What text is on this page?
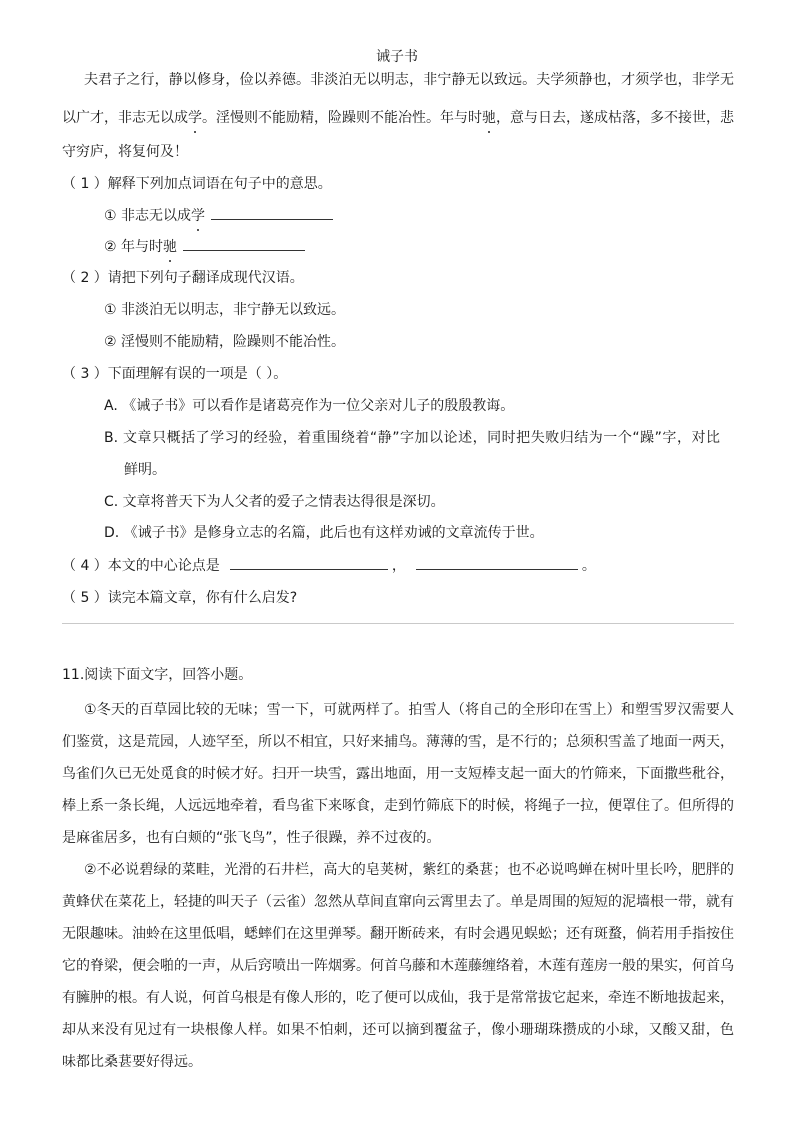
诫子书
夫君子之行，静以修身，俭以养德。非淡泊无以明志，非宁静无以致远。夫学须静也，才须学也，非学无
以广才，非志无以成学。淫慢则不能励精，险躁则不能冶性。年与时驰，意与日去，遂成枯落，多不接世，悲
守穷庐，将复何及！
（ 1 ）解释下列加点词语在句子中的意思。
① 非志无以成学
② 年与时驰
（ 2 ）请把下列句子翻译成现代汉语。
① 非淡泊无以明志，非宁静无以致远。
② 淫慢则不能励精，险躁则不能冶性。
（ 3 ）下面理解有误的一项是（ ）。
A. 《诫子书》可以看作是诸葛亮作为一位父亲对儿子的殷殷教诲。
B. 文章只概括了学习的经验，着重围绕着“静”字加以论述，同时把失败归结为一个“躁”字，对比
鲜明。
C. 文章将普天下为人父者的爱子之情表达得很是深切。
D. 《诫子书》是修身立志的名篇，此后也有这样劝诫的文章流传于世。
（ 4 ）本文的中心论点是	，	。
（ 5 ）读完本篇文章，你有什么启发?
11.阅读下面文字，回答小题。
①冬天的百草园比较的无味；雪一下，可就两样了。拍雪人（将自己的全形印在雪上）和塑雪罗汉需要人
们鉴赏，这是荒园，人迹罕至，所以不相宜，只好来捕鸟。薄薄的雪，是不行的；总须积雪盖了地面一两天，
鸟雀们久已无处觅食的时候才好。扫开一块雪，露出地面，用一支短棒支起一面大的竹筛来，下面撒些秕谷，
棒上系一条长绳，人远远地牵着，看鸟雀下来啄食，走到竹筛底下的时候，将绳子一拉，便罩住了。但所得的
是麻雀居多，也有白颊的“张飞鸟”，性子很躁，养不过夜的。
②不必说碧绿的菜畦，光滑的石井栏，高大的皂荚树，紫红的桑葚；也不必说鸣蝉在树叶里长吟，肥胖的
黄蜂伏在菜花上，轻捷的叫天子（云雀）忽然从草间直窜向云霄里去了。单是周围的短短的泥墙根一带，就有
无限趣味。油蛉在这里低唱，蟋蟀们在这里弹琴。翻开断砖来，有时会遇见蜈蚣；还有斑蝥，倘若用手指按住
它的脊梁，便会啪的一声，从后窍喷出一阵烟雾。何首乌藤和木莲藤缠络着，木莲有莲房一般的果实，何首乌
有臃肿的根。有人说，何首乌根是有像人形的，吃了便可以成仙，我于是常常拔它起来，牵连不断地拔起来，
却从来没有见过有一块根像人样。如果不怕刺，还可以摘到覆盆子，像小珊瑚珠攒成的小球，又酸又甜，色
味都比桑葚要好得远。
